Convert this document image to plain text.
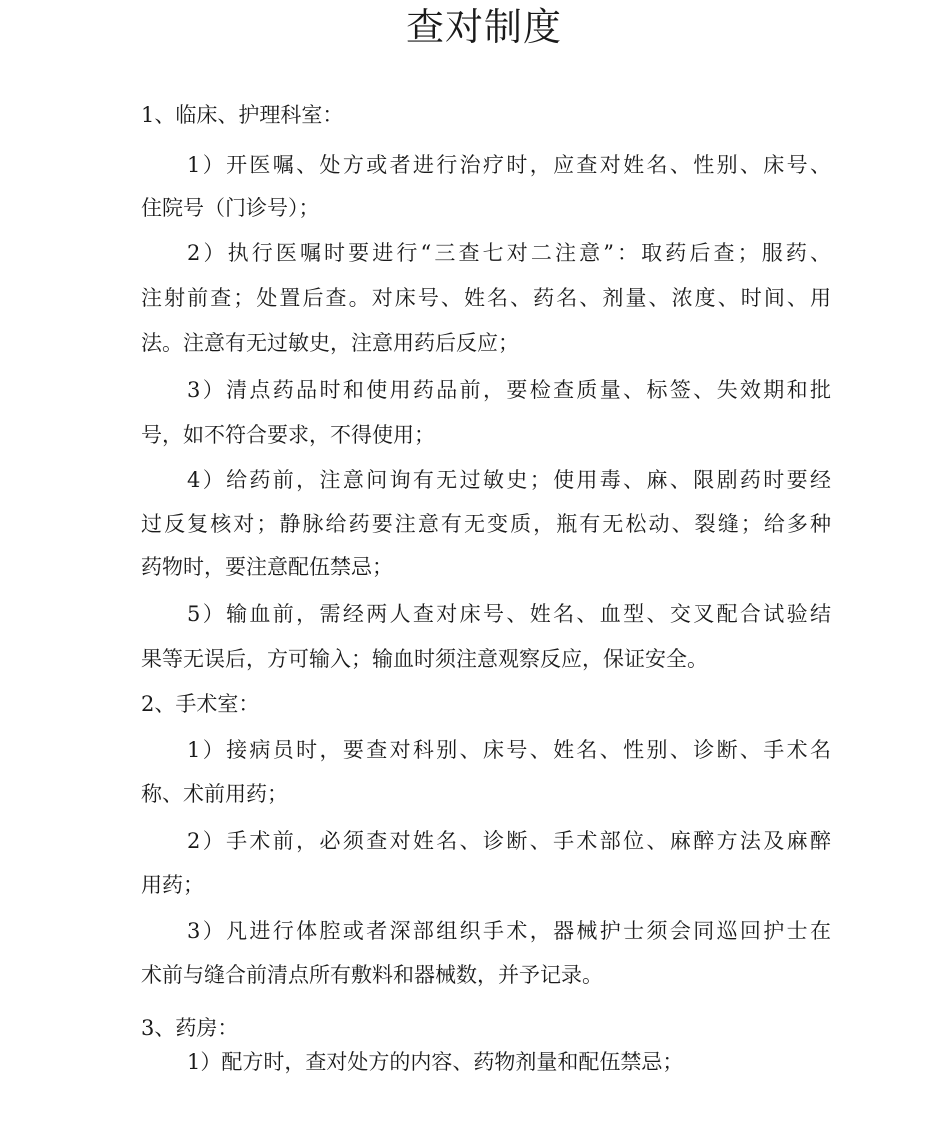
查对制度
1、临床、护理科室：
1）开医嘱、处方或者进行治疗时，应查对姓名、性别、床号、
住院号（门诊号）；
2）执行医嘱时要进行“三查七对二注意”：取药后查；服药、
注射前查；处置后查。对床号、姓名、药名、剂量、浓度、时间、用
法。注意有无过敏史，注意用药后反应；
3）清点药品时和使用药品前，要检查质量、标签、失效期和批
号，如不符合要求，不得使用；
4）给药前，注意问询有无过敏史；使用毒、麻、限剧药时要经
过反复核对；静脉给药要注意有无变质，瓶有无松动、裂缝；给多种
药物时，要注意配伍禁忌；
5）输血前，需经两人查对床号、姓名、血型、交叉配合试验结
果等无误后，方可输入；输血时须注意观察反应，保证安全。
2、手术室：
1）接病员时，要查对科别、床号、姓名、性别、诊断、手术名
称、术前用药；
2）手术前，必须查对姓名、诊断、手术部位、麻醉方法及麻醉
用药；
3）凡进行体腔或者深部组织手术，器械护士须会同巡回护士在
术前与缝合前清点所有敷料和器械数，并予记录。
3、药房：
1）配方时，查对处方的内容、药物剂量和配伍禁忌；
